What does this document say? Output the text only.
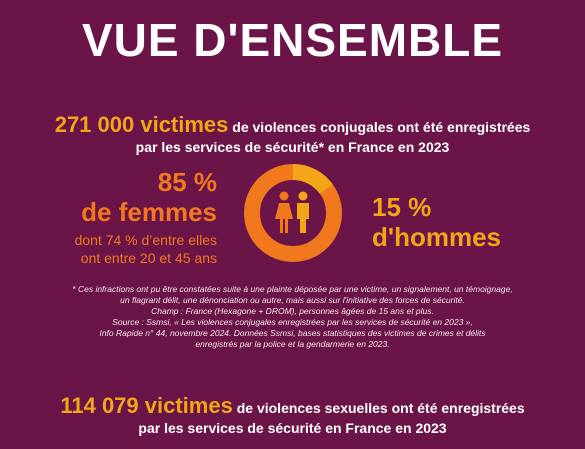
VUE D'ENSEMBLE
271 000 victimes de violences conjugales ont été enregistrées
par les services de sécurité* en France en 2023
85 %
de femmes
dont 74 % d’entre elles
ont entre 20 et 45 ans
15 %
d'hommes
* Ces infractions ont pu être constatées suite à une plainte déposée par une victime, un signalement, un témoignage,
un flagrant délit, une dénonciation ou autre, mais aussi sur l'initiative des forces de sécurité.
Champ : France (Hexagone + DROM), personnes âgées de 15 ans et plus.
Source : Ssmsi, « Les violences conjugales enregistrées par les services de sécurité en 2023 »,
Info Rapide n° 44, novembre 2024. Données Ssmsi, bases statistiques des victimes de crimes et délits
enregistrés par la police et la gendarmerie en 2023.
114 079 victimes de violences sexuelles ont été enregistrées
par les services de sécurité en France en 2023
